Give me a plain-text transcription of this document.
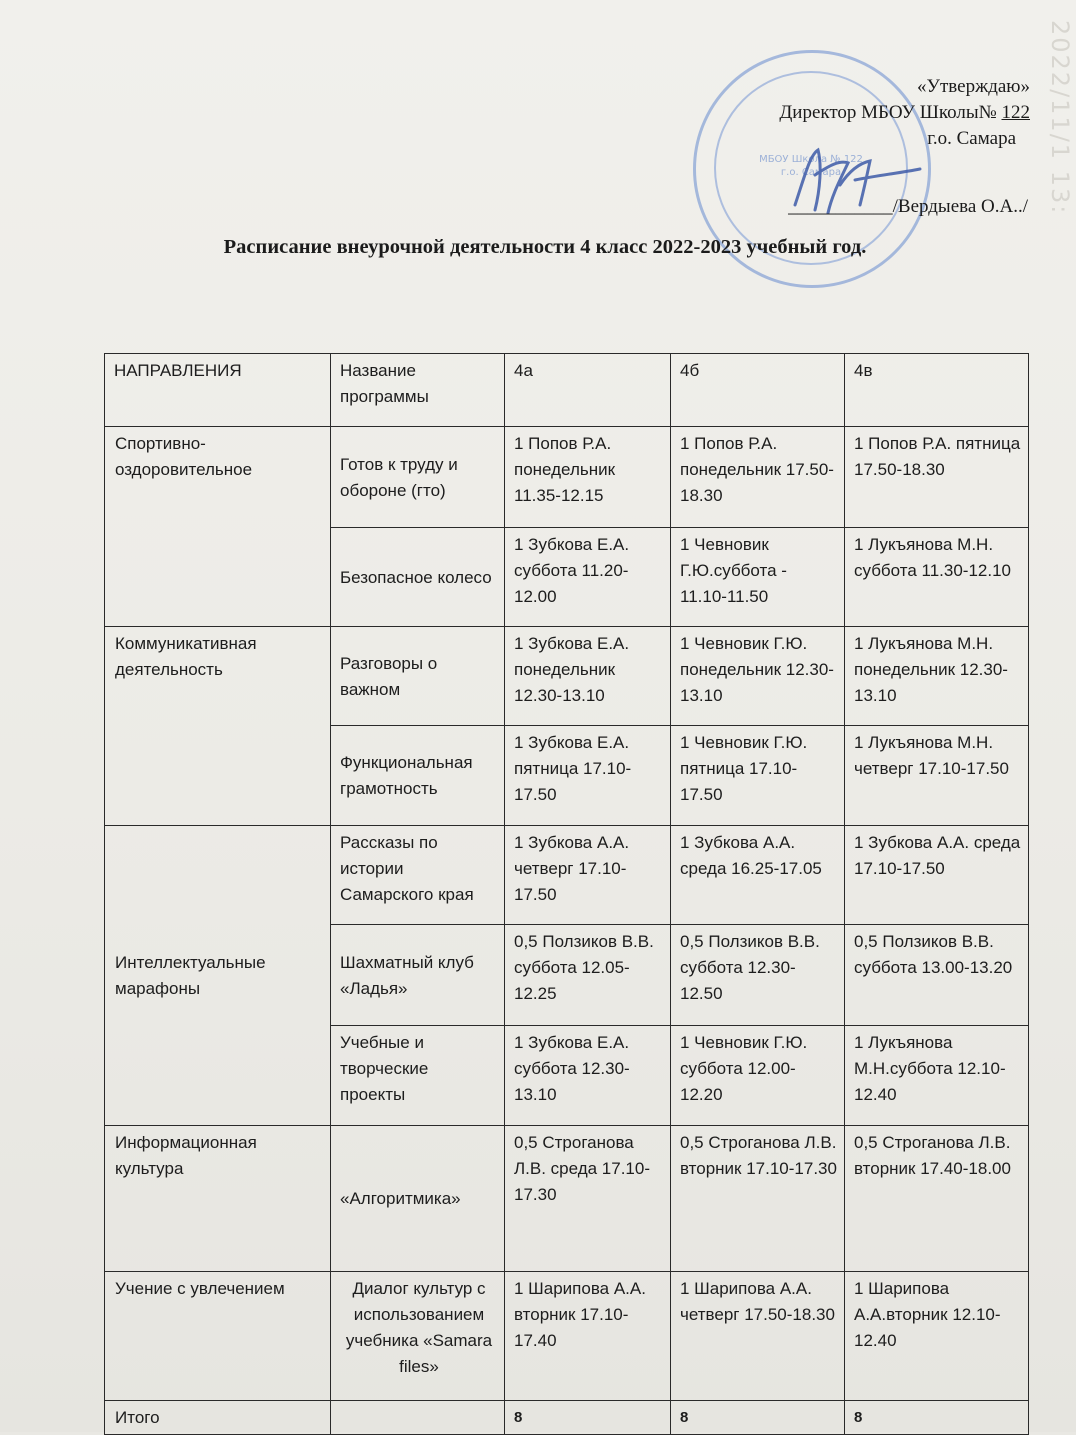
2022/11/1 13:
МБОУ Школа № 122 г.о. Самара
«Утверждаю»
Директор МБОУ Школы№ 122
г.о. Самара
___________/Вердыева О.А../
Расписание внеурочной деятельности 4 класс 2022-2023 учебный год.
НАПРАВЛЕНИЯ	Название программы	4а	4б	4в
Спортивно-оздоровительное	Готов к труду и обороне (гто)	1 Попов Р.А. понедельник 11.35-12.15	1 Попов Р.А. понедельник 17.50-18.30	1 Попов Р.А. пятница 17.50-18.30
	Безопасное колесо	1 Зубкова Е.А. суббота 11.20-12.00	1 Чевновик Г.Ю.суббота - 11.10-11.50	1 Лукъянова М.Н. суббота 11.30-12.10
Коммуникативная деятельность	Разговоры о важном	1 Зубкова Е.А. понедельник 12.30-13.10	1 Чевновик Г.Ю. понедельник 12.30-13.10	1 Лукъянова М.Н. понедельник 12.30-13.10
	Функциональная грамотность	1 Зубкова Е.А. пятница 17.10-17.50	1 Чевновик Г.Ю. пятница 17.10-17.50	1 Лукъянова М.Н. четверг 17.10-17.50
Интеллектуальные марафоны	Рассказы по истории Самарского края	1 Зубкова А.А. четверг 17.10-17.50	1 Зубкова А.А. среда 16.25-17.05	1 Зубкова А.А. среда 17.10-17.50
	Шахматный клуб «Ладья»	0,5 Ползиков В.В. суббота 12.05-12.25	0,5 Ползиков В.В. суббота 12.30-12.50	0,5 Ползиков В.В. суббота 13.00-13.20
	Учебные и творческие проекты	1 Зубкова Е.А. суббота 12.30-13.10	1 Чевновик Г.Ю. суббота 12.00-12.20	1 Лукъянова М.Н.суббота 12.10-12.40
Информационная культура	«Алгоритмика»	0,5 Строганова Л.В. среда 17.10-17.30	0,5 Строганова Л.В. вторник 17.10-17.30	0,5 Строганова Л.В. вторник 17.40-18.00
Учение с увлечением	Диалог культур с использованием учебника «Samara files»	1 Шарипова А.А. вторник 17.10-17.40	1 Шарипова А.А. четверг 17.50-18.30	1 Шарипова А.А.вторник 12.10-12.40
Итого		8	8	8
